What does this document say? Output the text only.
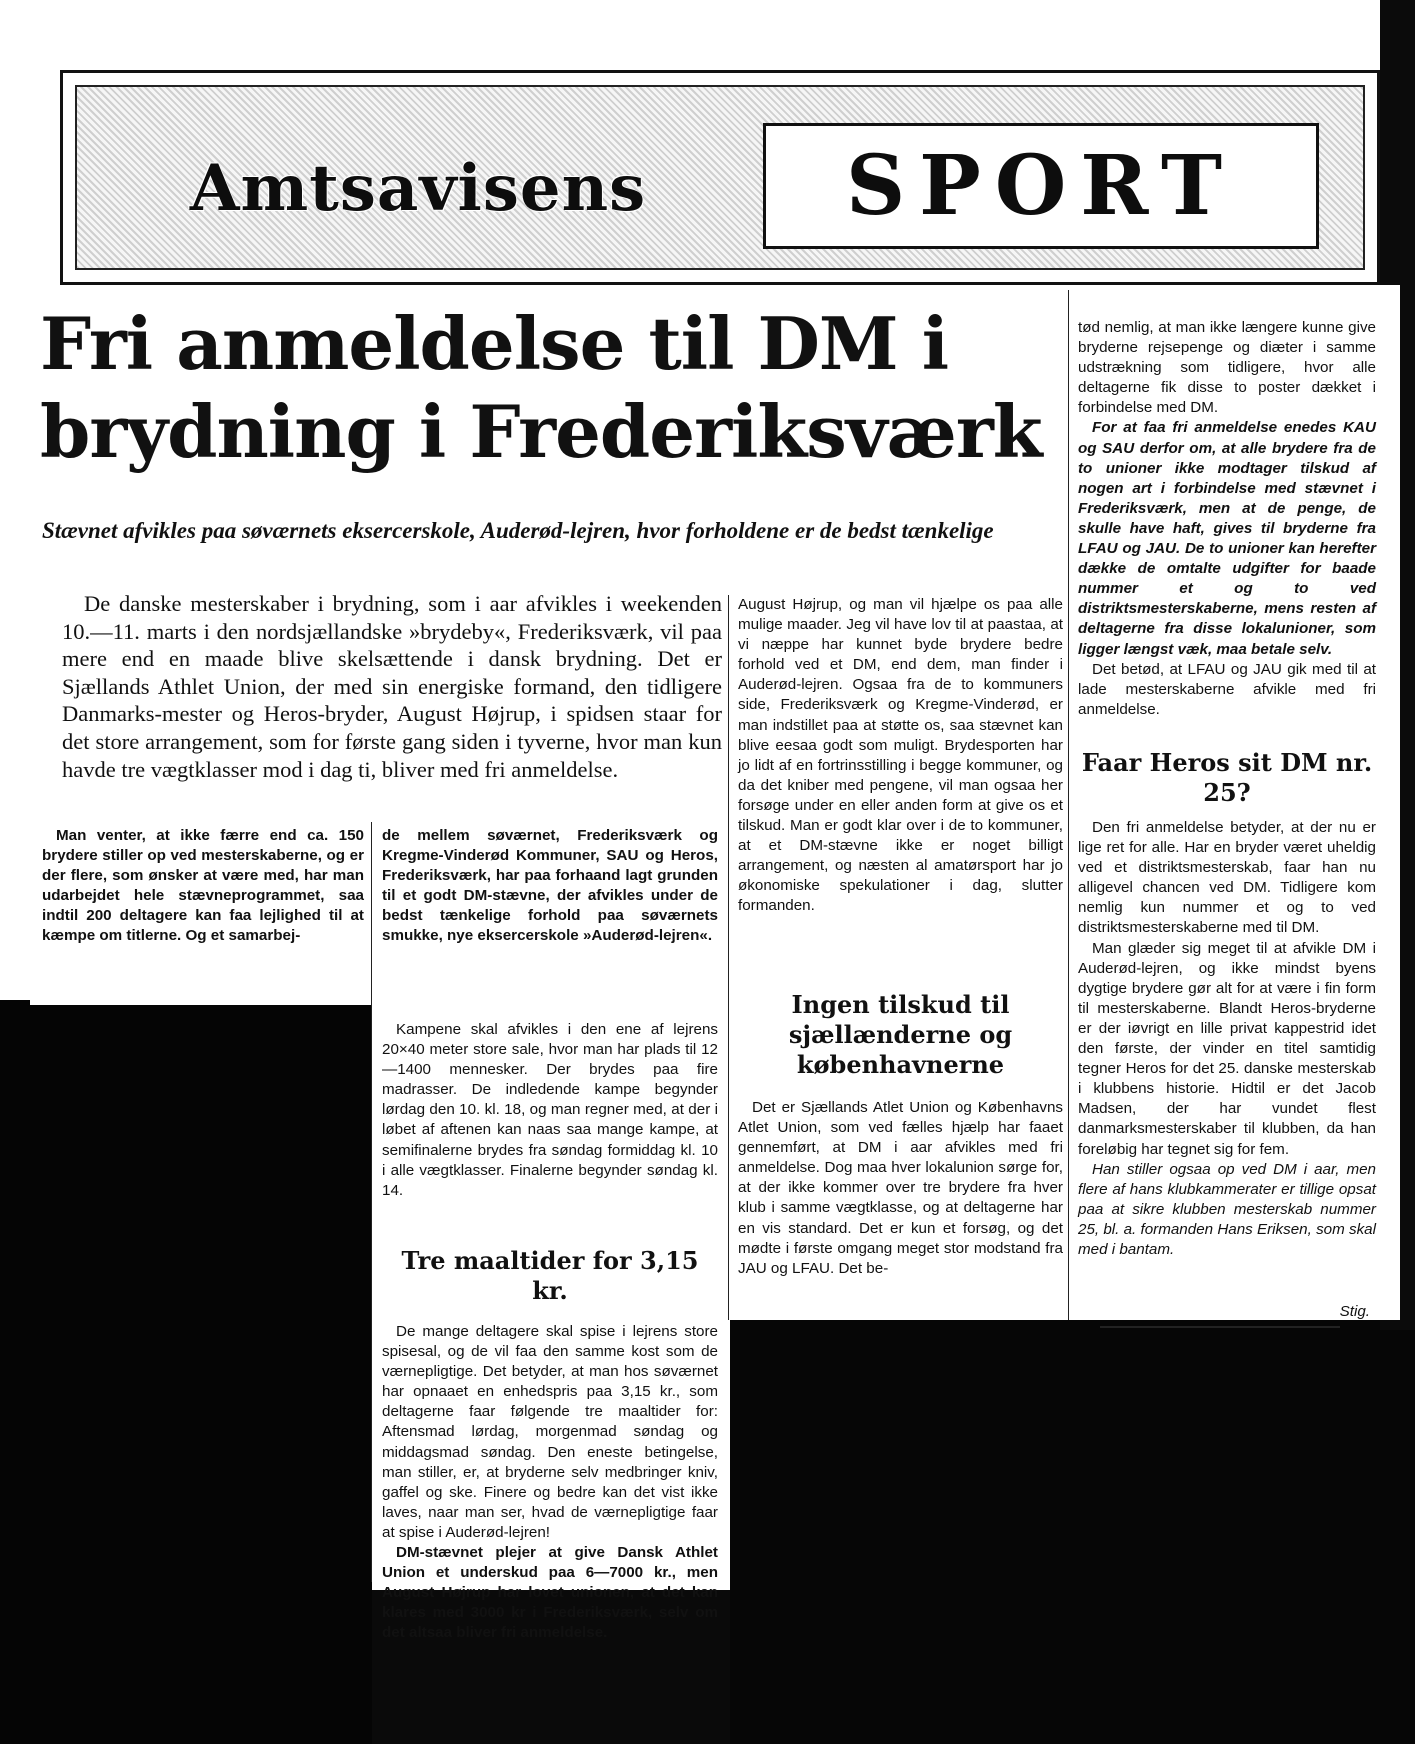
Amtsavisens SPORT
Fri anmeldelse til DM i brydning i Frederiksværk
Stævnet afvikles paa søværnets eksercerskole, Auderød-lejren, hvor forholdene er de bedst tænkelige
De danske mesterskaber i brydning, som i aar afvikles i weekenden 10.—11. marts i den nordsjællandske »brydeby«, Frederiksværk, vil paa mere end en maade blive skelsættende i dansk brydning. Det er Sjællands Athlet Union, der med sin energiske formand, den tidligere Danmarks-mester og Heros-bryder, August Højrup, i spidsen staar for det store arrangement, som for første gang siden i tyverne, hvor man kun havde tre vægtklasser mod i dag ti, bliver med fri anmeldelse.

Man venter, at ikke færre end ca. 150 brydere stiller op ved mesterskaberne, og er der flere, som ønsker at være med, har man udarbejdet hele stævneprogrammet, saa indtil 200 deltagere kan faa lejlighed til at kæmpe om titlerne. Og et samarbej-

de mellem søværnet, Frederiksværk og Kregme-Vinderød Kommuner, SAU og Heros, Frederiksværk, har paa forhaand lagt grunden til et godt DM-stævne, der afvikles under de bedst tænkelige forhold paa søværnets smukke, nye eksercerskole »Auderød-lejren«.

Kampene skal afvikles i den ene af lejrens 20×40 meter store sale, hvor man har plads til 12—1400 mennesker. Der brydes paa fire madrasser. De indledende kampe begynder lørdag den 10. kl. 18, og man regner med, at der i løbet af aftenen kan naas saa mange kampe, at semifinalerne brydes fra søndag formiddag kl. 10 i alle vægtklasser. Finalerne begynder søndag kl. 14.

Tre maaltider for 3,15 kr.

De mange deltagere skal spise i lejrens store spisesal, og de vil faa den samme kost som de værnepligtige. Det betyder, at man hos søværnet har opnaaet en enhedspris paa 3,15 kr., som deltagerne faar følgende tre maaltider for: Aftensmad lørdag, morgenmad søndag og middagsmad søndag. Den eneste betingelse, man stiller, er, at bryderne selv medbringer kniv, gaffel og ske. Finere og bedre kan det vist ikke laves, naar man ser, hvad de værnepligtige faar at spise i Auderød-lejren!

DM-stævnet plejer at give Dansk Athlet Union et underskud paa 6—7000 kr., men August Højrup har lovet unionen, at det kan klares med 3000 kr i Frederiksværk, selv om det altsaa bliver fri anmeldelse.

August Højrup, og man vil hjælpe os paa alle mulige maader. Jeg vil have lov til at paastaa, at vi næppe har kunnet byde brydere bedre forhold ved et DM, end dem, man finder i Auderød-lejren. Ogsaa fra de to kommuners side, Frederiksværk og Kregme-Vinderød, er man indstillet paa at støtte os, saa stævnet kan blive eesaa godt som muligt. Brydesporten har jo lidt af en fortrinsstilling i begge kommuner, og da det kniber med pengene, vil man ogsaa her forsøge under en eller anden form at give os et tilskud. Man er godt klar over i de to kommuner, at et DM-stævne ikke er noget billigt arrangement, og næsten al amatørsport har jo økonomiske spekulationer i dag, slutter formanden.

Ingen tilskud til sjællænderne og københavnerne

Det er Sjællands Atlet Union og Københavns Atlet Union, som ved fælles hjælp har faaet gennemført, at DM i aar afvikles med fri anmeldelse. Dog maa hver lokalunion sørge for, at der ikke kommer over tre brydere fra hver klub i samme vægtklasse, og at deltagerne har en vis standard. Det er kun et forsøg, og det mødte i første omgang meget stor modstand fra JAU og LFAU. Det be-

tød nemlig, at man ikke længere kunne give bryderne rejsepenge og diæter i samme udstrækning som tidligere, hvor alle deltagerne fik disse to poster dækket i forbindelse med DM.

For at faa fri anmeldelse enedes KAU og SAU derfor om, at alle brydere fra de to unioner ikke modtager tilskud af nogen art i forbindelse med stævnet i Frederiksværk, men at de penge, de skulle have haft, gives til bryderne fra LFAU og JAU. De to unioner kan herefter dække de omtalte udgifter for baade nummer et og to ved distriktsmesterskaberne, mens resten af deltagerne fra disse lokalunioner, som ligger længst væk, maa betale selv.

Det betød, at LFAU og JAU gik med til at lade mesterskaberne afvikle med fri anmeldelse.

Faar Heros sit DM nr. 25?

Den fri anmeldelse betyder, at der nu er lige ret for alle. Har en bryder været uheldig ved et distriktsmesterskab, faar han nu alligevel chancen ved DM. Tidligere kom nemlig kun nummer et og to ved distriktsmesterskaberne med til DM.

Man glæder sig meget til at afvikle DM i Auderød-lejren, og ikke mindst byens dygtige brydere gør alt for at være i fin form til mesterskaberne. Blandt Heros-bryderne er der iøvrigt en lille privat kappestrid idet den første, der vinder en titel samtidig tegner Heros for det 25. danske mesterskab i klubbens historie. Hidtil er det Jacob Madsen, der har vundet flest danmarksmesterskaber til klubben, da han foreløbig har tegnet sig for fem.

Han stiller ogsaa op ved DM i aar, men flere af hans klubkammerater er tillige opsat paa at sikre klubben mesterskab nummer 25, bl. a. formanden Hans Eriksen, som skal med i bantam.

Stig.
